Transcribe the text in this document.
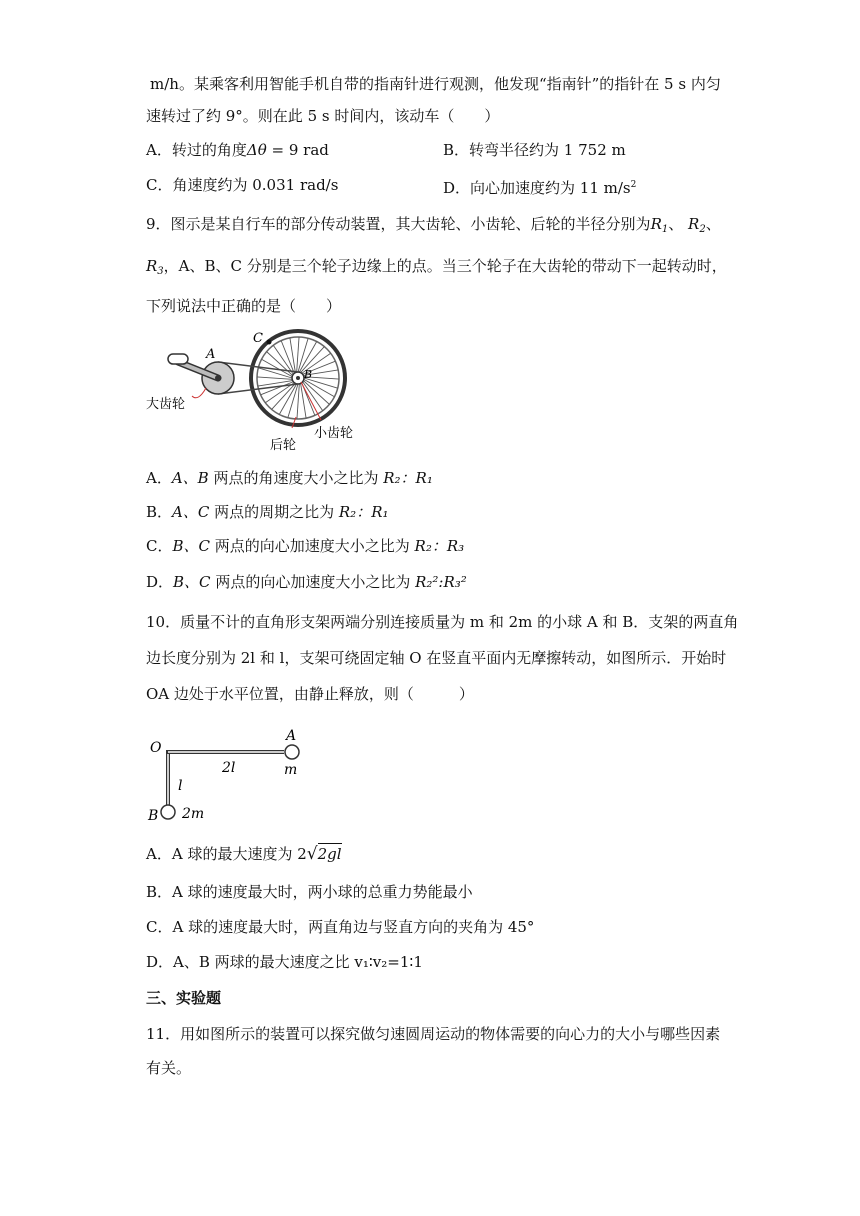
m/h。某乘客利用智能手机自带的指南针进行观测，他发现“指南针”的指针在 5 s 内匀
速转过了约 9°。则在此 5 s 时间内，该动车（　　）
A．转过的角度Δθ = 9 rad	B．转弯半径约为 1 752 m
C．角速度约为 0.031 rad/s	D．向心加速度约为 11 $m/s^2$
9．图示是某自行车的部分传动装置，其大齿轮、小齿轮、后轮的半径分别为$R_1$、 $R_2$、
$R_3$，A、B、C 分别是三个轮子边缘上的点。当三个轮子在大齿轮的带动下一起转动时，
下列说法中正确的是（　　）
A
C
B
大齿轮
后轮
小齿轮
A．A、B 两点的角速度大小之比为 R₂：R₁
B．A、C 两点的周期之比为 R₂：R₁
C．B、C 两点的向心加速度大小之比为 R₂：R₃
D．B、C 两点的向心加速度大小之比为 R₂²:R₃²
10．质量不计的直角形支架两端分别连接质量为 m 和 2m 的小球 A 和 B．支架的两直角
边长度分别为 2l 和 l，支架可绕固定轴 O 在竖直平面内无摩擦转动，如图所示．开始时
OA 边处于水平位置，由静止释放，则（　　　）
O
A
m
2l
l
B 2m
A．A 球的最大速度为 2√2gl
B．A 球的速度最大时，两小球的总重力势能最小
C．A 球的速度最大时，两直角边与竖直方向的夹角为 45°
D．A、B 两球的最大速度之比 v₁∶v₂=1∶1
三、实验题
11．用如图所示的装置可以探究做匀速圆周运动的物体需要的向心力的大小与哪些因素
有关。
